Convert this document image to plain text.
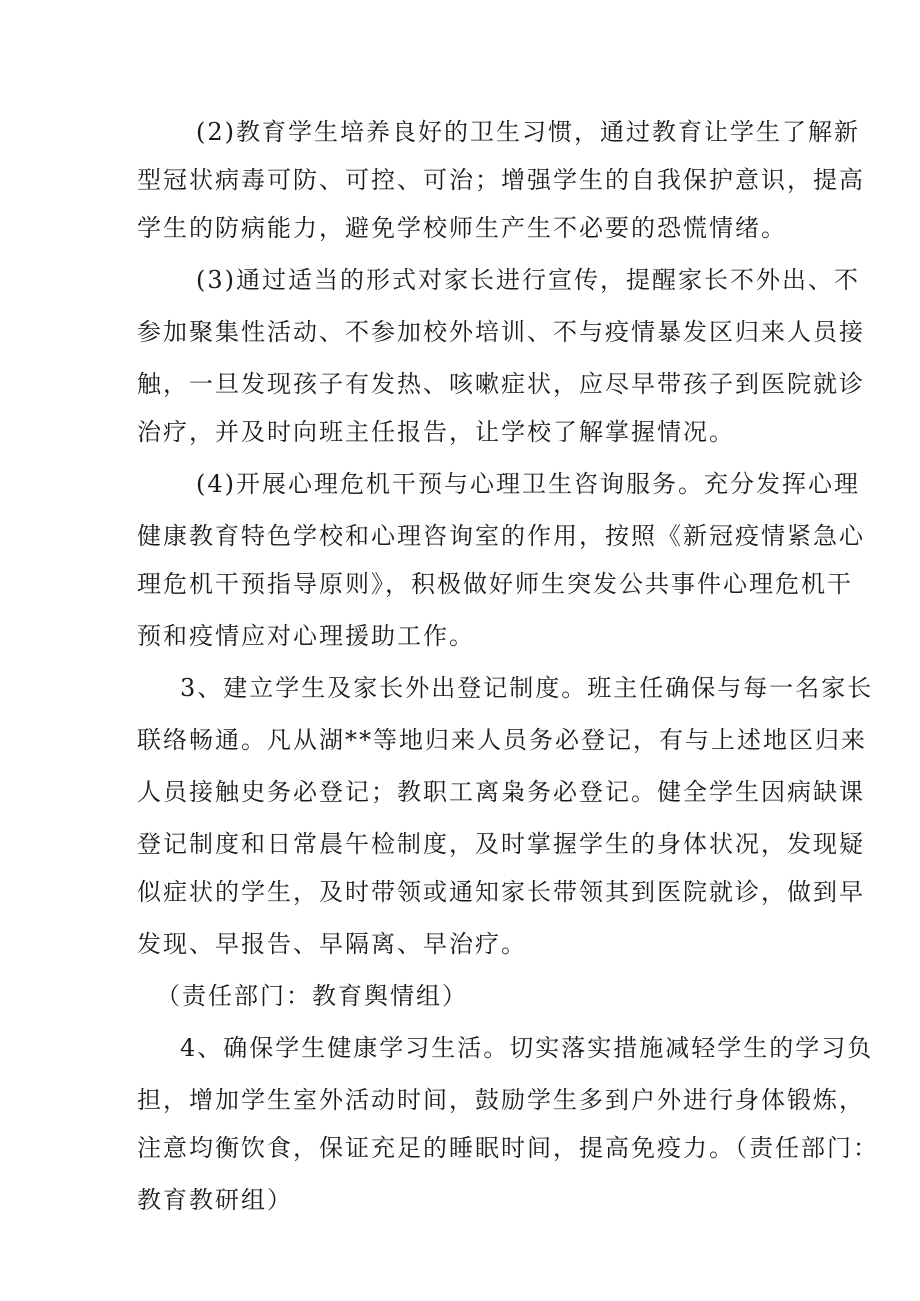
(2)教育学生培养良好的卫生习惯，通过教育让学生了解新

型冠状病毒可防、可控、可治；增强学生的自我保护意识，提高

学生的防病能力，避免学校师生产生不必要的恐慌情绪。

(3)通过适当的形式对家长进行宣传，提醒家长不外出、不

参加聚集性活动、不参加校外培训、不与疫情暴发区归来人员接

触，一旦发现孩子有发热、咳嗽症状，应尽早带孩子到医院就诊

治疗，并及时向班主任报告，让学校了解掌握情况。

(4)开展心理危机干预与心理卫生咨询服务。充分发挥心理

健康教育特色学校和心理咨询室的作用，按照《新冠疫情紧急心

理危机干预指导原则》，积极做好师生突发公共事件心理危机干

预和疫情应对心理援助工作。

3、建立学生及家长外出登记制度。班主任确保与每一名家长

联络畅通。凡从湖**等地归来人员务必登记，有与上述地区归来

人员接触史务必登记；教职工离枭务必登记。健全学生因病缺课

登记制度和日常晨午检制度，及时掌握学生的身体状况，发现疑

似症状的学生，及时带领或通知家长带领其到医院就诊，做到早

发现、早报告、早隔离、早治疗。

（责任部门：教育舆情组）

4、确保学生健康学习生活。切实落实措施减轻学生的学习负

担，增加学生室外活动时间，鼓励学生多到户外进行身体锻炼，

注意均衡饮食，保证充足的睡眠时间，提高免疫力。（责任部门：

教育教研组）
